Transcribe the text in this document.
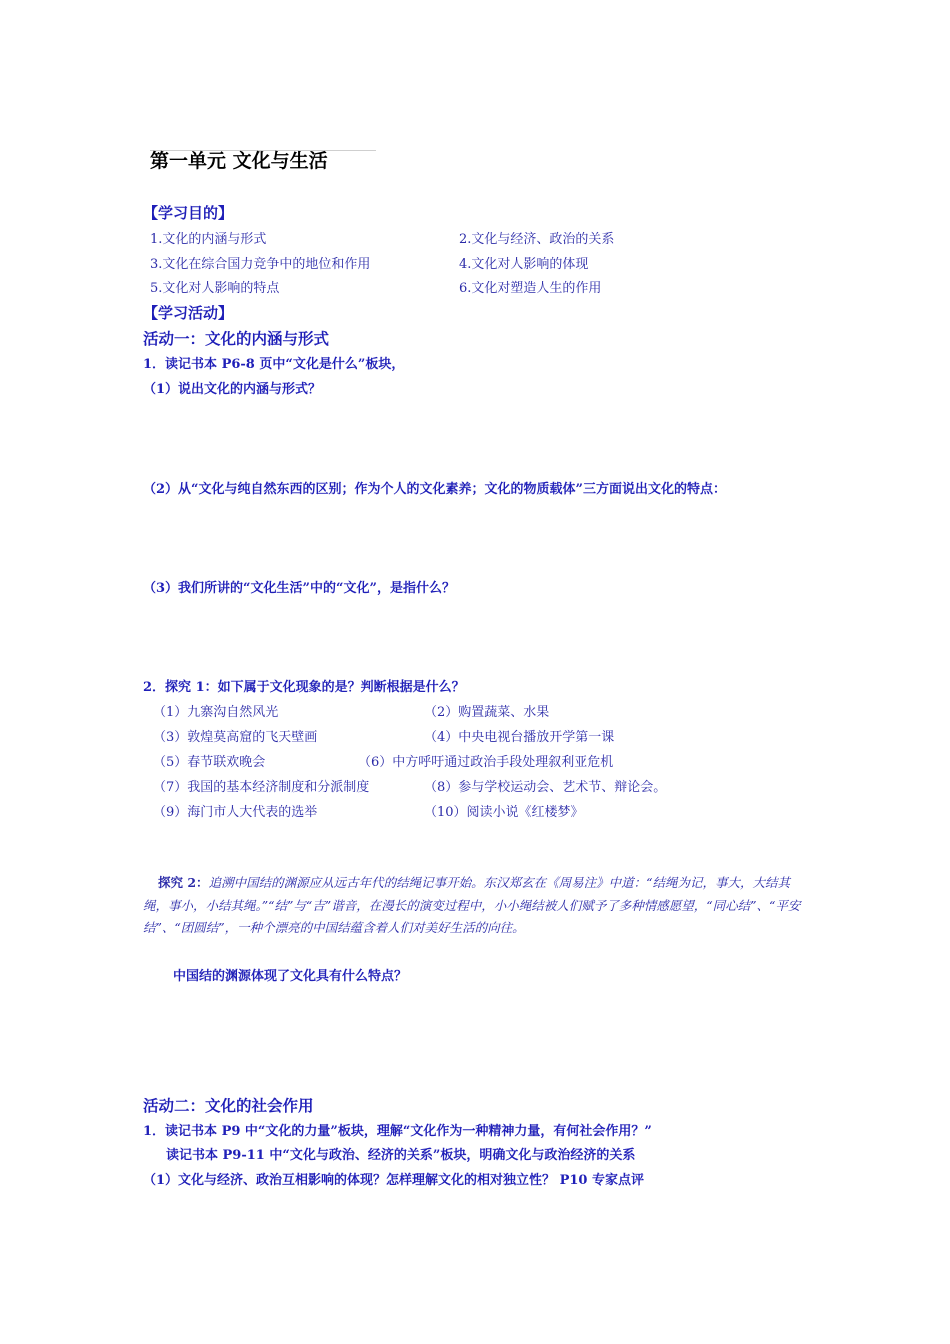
第一单元 文化与生活
【学习目的】
1.文化的内涵与形式	2.文化与经济、政治的关系
3.文化在综合国力竞争中的地位和作用	4.文化对人影响的体现
5.文化对人影响的特点	6.文化对塑造人生的作用
【学习活动】
活动一：文化的内涵与形式
1．读记书本 P6-8 页中“文化是什么”板块，
（1）说出文化的内涵与形式？
（2）从“文化与纯自然东西的区别；作为个人的文化素养；文化的物质载体”三方面说出文化的特点：
（3）我们所讲的“文化生活”中的“文化”，是指什么？
2．探究 1：如下属于文化现象的是？判断根据是什么？
（1）九寨沟自然风光	（2）购置蔬菜、水果
（3）敦煌莫高窟的飞天壁画	（4）中央电视台播放开学第一课
（5）春节联欢晚会	（6）中方呼吁通过政治手段处理叙利亚危机
（7）我国的基本经济制度和分派制度	（8）参与学校运动会、艺术节、辩论会。
（9）海门市人大代表的选举	（10）阅读小说《红楼梦》
探究 2：追溯中国结的渊源应从远古年代的结绳记事开始。东汉郑玄在《周易注》中道：“结绳为记，事大，大结其绳，事小，小结其绳。”“结”与“吉”谐音，在漫长的演变过程中，小小绳结被人们赋予了多种情感愿望，“同心结”、“平安结”、“团圆结”，一种个漂亮的中国结蕴含着人们对美好生活的向往。
中国结的渊源体现了文化具有什么特点？
活动二：文化的社会作用
1．读记书本 P9 中“文化的力量”板块，理解“文化作为一种精神力量，有何社会作用？”
读记书本 P9-11 中“文化与政治、经济的关系”板块，明确文化与政治经济的关系
（1）文化与经济、政治互相影响的体现？怎样理解文化的相对独立性？ P10 专家点评
